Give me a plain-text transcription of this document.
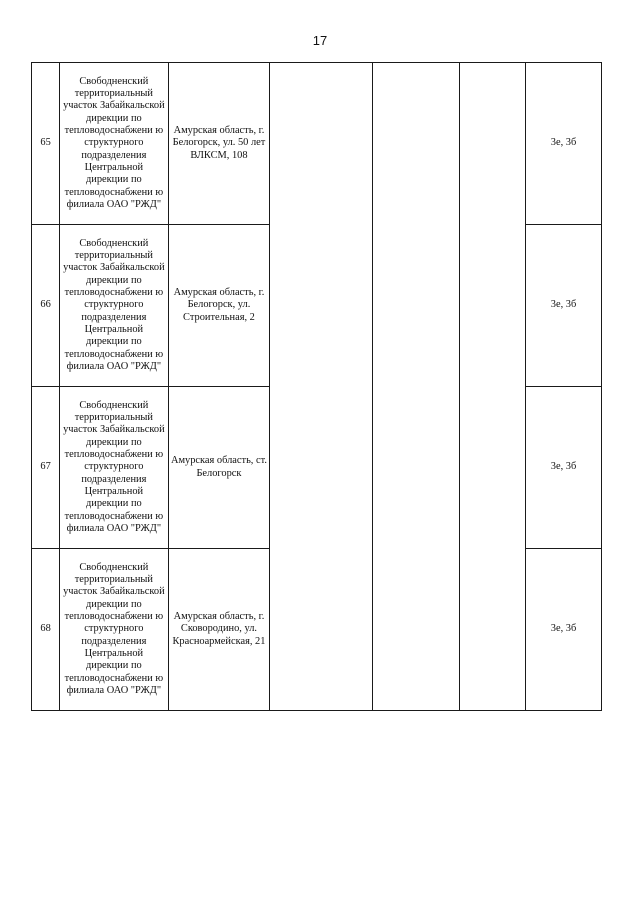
17
65	Свободненский территориальный участок Забайкальской дирекции по тепловодоснабжени ю структурного подразделения Центральной дирекции по тепловодоснабжени ю филиала ОАО "РЖД"	Амурская область, г. Белогорск, ул. 50 лет ВЛКСМ, 108				3е, 3б
66	Свободненский территориальный участок Забайкальской дирекции по тепловодоснабжени ю структурного подразделения Центральной дирекции по тепловодоснабжени ю филиала ОАО "РЖД"	Амурская область, г. Белогорск, ул. Строительная, 2				3е, 3б
67	Свободненский территориальный участок Забайкальской дирекции по тепловодоснабжени ю структурного подразделения Центральной дирекции по тепловодоснабжени ю филиала ОАО "РЖД"	Амурская область, ст. Белогорск				3е, 3б
68	Свободненский территориальный участок Забайкальской дирекции по тепловодоснабжени ю структурного подразделения Центральной дирекции по тепловодоснабжени ю филиала ОАО "РЖД"	Амурская область, г. Сковородино, ул. Красноармейская, 21				3е, 3б
